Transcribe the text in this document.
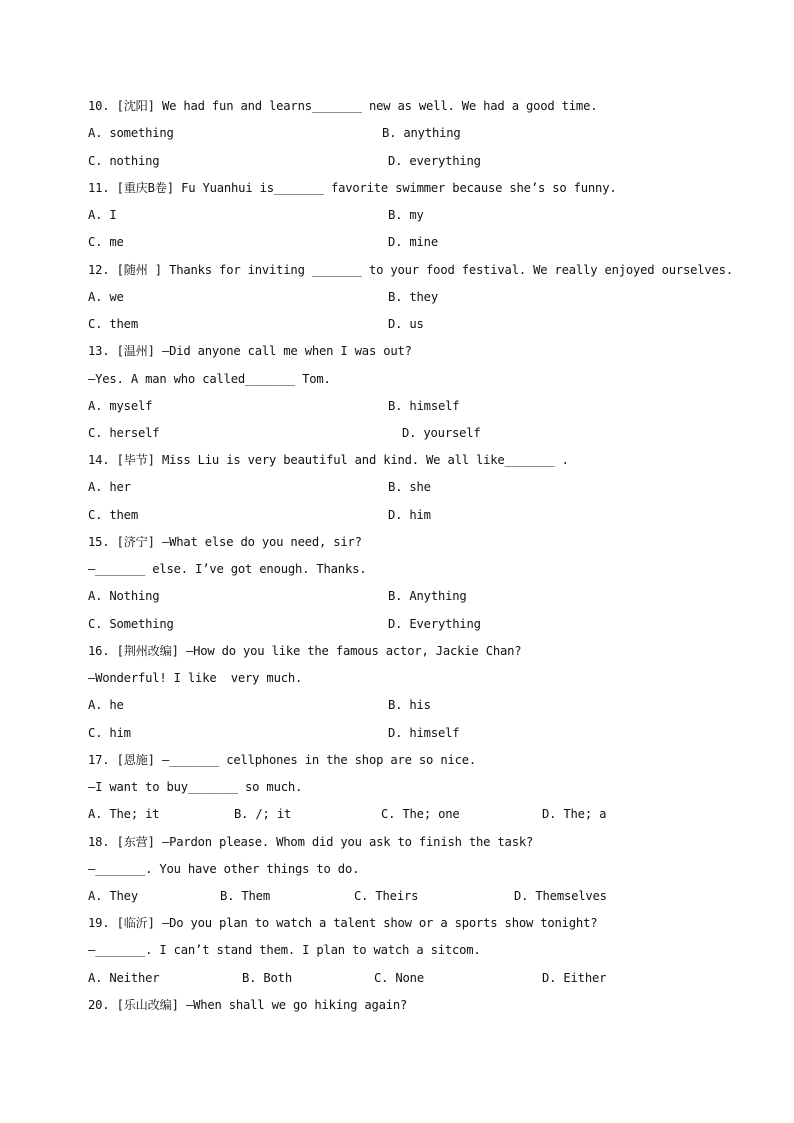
10. [沈阳] We had fun and learns_______ new as well. We had a good time.
A. something	B. anything
C. nothing	D. everything
11. [重庆B卷] Fu Yuanhui is_______ favorite swimmer because she’s so funny.
A. I	B. my
C. me	D. mine
12. [随州 ] Thanks for inviting _______ to your food festival. We really enjoyed ourselves.
A. we	B. they
C. them	D. us
13. [温州] —Did anyone call me when I was out?
—Yes. A man who called_______ Tom.
A. myself	B. himself
C. herself	D. yourself
14. [毕节] Miss Liu is very beautiful and kind. We all like_______ .
A. her	B. she
C. them	D. him
15. [济宁] —What else do you need, sir?
—_______ else. I’ve got enough. Thanks.
A. Nothing	B. Anything
C. Something	D. Everything
16. [荆州改编] —How do you like the famous actor, Jackie Chan?
—Wonderful! I like  very much.
A. he	B. his
C. him	D. himself
17. [恩施] —_______ cellphones in the shop are so nice.
—I want to buy_______ so much.
A. The; it	B. /; it	C. The; one	D. The; a
18. [东营] —Pardon please. Whom did you ask to finish the task?
—_______. You have other things to do.
A. They	B. Them	C. Theirs	D. Themselves
19. [临沂] —Do you plan to watch a talent show or a sports show tonight?
—_______. I can’t stand them. I plan to watch a sitcom.
A. Neither	B. Both	C. None	D. Either
20. [乐山改编] —When shall we go hiking again?
